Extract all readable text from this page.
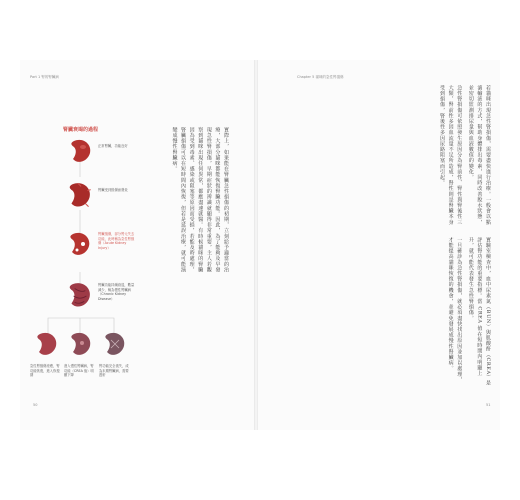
Part 1 腎的腎臟病	Chapter 5 貓咪的急性腎損傷
腎臟衰竭的過程
正常腎臟，功能良好
腎臟受到損傷而發炎
腎臟損傷，部分腎元失去功能，此時稱為急性腎損傷（Acute Kidney Injury）
腎臟功能持續衰退，數量減少，稱為慢性腎臟病（Chronic Kidney Disease）
急性腎損傷痊癒，腎功能恢復，進入恢復期
進入慢性腎臟病，腎功能（CREA 值）明顯下降
腎功能完全喪失，成為末期腎臟病，需要透析

實際上，如果能在腎臟急性損傷的初期，立刻給予適當的治療，大部分貓咪都能恢復腎臟功能。因此，為了能夠及早發現急性腎損傷，早期症狀的辨識就顯得非常重要，主人若觀察到貓咪出現任何異常，都應盡速就醫。有時候貓咪的腎臟因為受到毒素、感染或阻塞等原因而受損，若能及時處理，腎臟損傷可以在短時間內恢復，但若是延誤治療，就可能演變成慢性腎臟病。	若貓咪出現急性腎損傷，需要盡快進行治療。一般會以點滴輸液的方式，幫助身體排出毒素，同時改善脫水狀態，並密切監測排尿量與血液數值的變化。

急性腎損傷可依照發生原因分為腎前性、腎性與腎後性三大類，腎前性多因血流量不足所造成，腎性則是腎臟本身受到損傷，腎後性多因尿路阻塞而引起。

實驗室檢查中，血中尿素氮（BUN）與肌酸酐（CREA）是評估腎功能的重要指標。當 CREA 值在短時間內明顯上升，就可能代表發生急性腎損傷。

一旦確診為急性腎損傷，就必須盡快找出原因並加以處理，才能提高貓咪恢復的機會，並避免發展成慢性腎臟病。

50	51
